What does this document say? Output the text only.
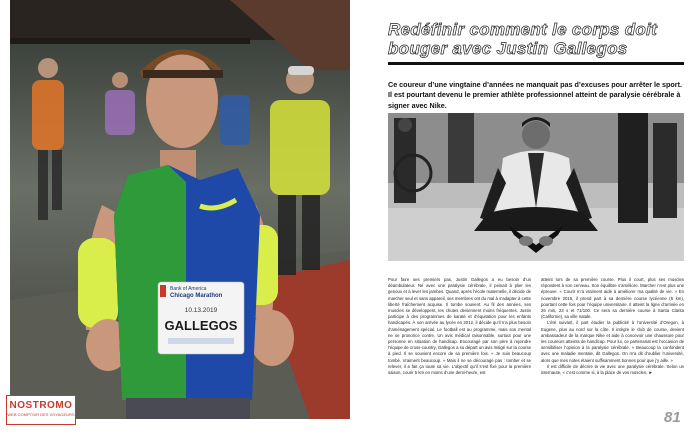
Bank of America
Chicago Marathon
10.13.2019
GALLEGOS
NOSTROMO
WEB COMPTOIR DES VOYAGEURS
Redéfinir comment le corps doit bouger avec Justin Gallegos
Ce coureur d’une vingtaine d’années ne manquait pas d’excuses pour arrêter le sport. Il est pourtant devenu le premier athlète professionnel atteint de paralysie cérébrale à signer avec Nike.

Pour faire ses premiers pas, Justin Gallegos a eu besoin d’un déambulateur. Né avec une paralysie cérébrale, il peinait à plier les genoux et à lever les jambes. Quand, après l’école maternelle, il décide de marcher seul et sans appareil, ses membres ont du mal à s’adapter à cette liberté fraîchement acquise. Il tombe souvent. Au fil des années, ses muscles se développent, les chutes deviennent moins fréquentes. Justin participe à des programmes de karaté et d’équitation pour les enfants handicapés. À son arrivée au lycée en 2012, il décide qu’il n’a plus besoin d’aménagement spécial. Le football est au programme, mais son mental ne se prononce contre. Un avis médical raisonnable, surtout pour une personne en situation de handicap. Encouragé par son père à rejoindre l’équipe de cross-country, Gallegos a su départ un avis mitigé sur la course à pied. Il se souvient encore de sa première fois. « Je suis beaucoup tombé. Vraiment beaucoup. » Mais il ne se décourage pas : tomber et se relever, il a fait ça toute sa vie. L’objectif qu’il s’est fixé pour la première saison, courir 5 km en moins d’une demi-heure, est

atteint lors de sa première course. Plus il court, plus ses muscles répondent à son cerveau. Son équilibre s’améliore. Marcher n’est plus une épreuve. « Courir m’a vraiment aidé à améliorer ma qualité de vie. » En novembre 2015, il prend part à sa dernière course lycéenne (5 km), pourtant cette fois pour l’équipe universitaire. Il atteint la ligne d’arrivée en 26 min, 23 s et 71/100. Ce sera sa dernière course à Santa Clarita (Californie), sa ville natale.

L’été suivant, il part étudier la publicité à l’université d’Oregon, à Eugene, plus au nord sur la côte. Il intègre le club de course, devient ambassadeur de la marque Nike et aide à concevoir une chaussure pour les coureurs atteints de handicap. Pour lui, ce partenariat est l’occasion de sensibiliser l’opinion à la paralysie cérébrale. « Beaucoup la confondent avec une maladie mentale, dit Gallegos. On m’a dit d’oublier l’université, alors que mes notes étaient suffisamment bonnes pour que j’y aille. »

Il est difficile de décrire la vie avec une paralysie cérébrale. Selon un internaute, « c’est comme si, à la place de vos muscles, ►

81
